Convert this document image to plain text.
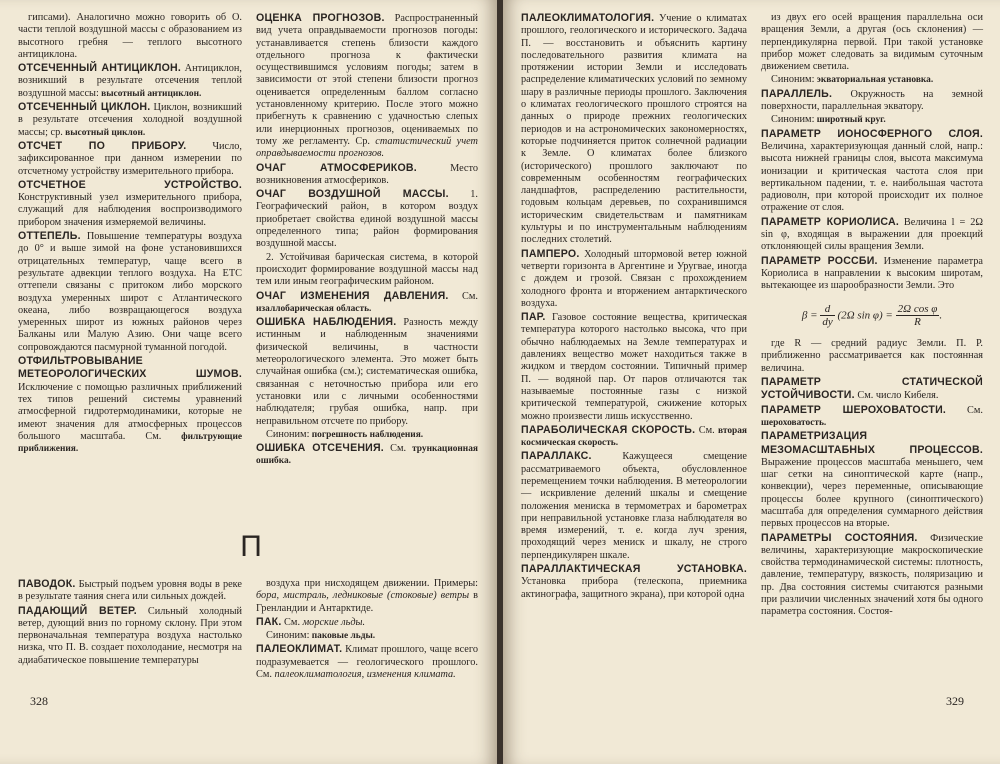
гипсами). Аналогично можно говорить об О. части теплой воздушной массы с образованием из высотного гребня — теплого высотного антициклона.

ОТСЕЧЕННЫЙ АНТИЦИКЛОН. Антициклон, возникший в результате отсечения теплой воздушной массы: высотный антициклон.

ОТСЕЧЕННЫЙ ЦИКЛОН. Циклон, возникший в результате отсечения холодной воздушной массы; ср. высотный циклон.

ОТСЧЕТ ПО ПРИБОРУ. Число, зафиксированное при данном измерении по отсчетному устройству измерительного прибора.

ОТСЧЕТНОЕ УСТРОЙСТВО. Конструктивный узел измерительного прибора, служащий для наблюдения воспроизводимого прибором значения измеряемой величины.

ОТТЕПЕЛЬ. Повышение температуры воздуха до 0° и выше зимой на фоне установившихся отрицательных температур, чаще всего в результате адвекции теплого воздуха. На ЕТС оттепели связаны с притоком либо морского воздуха умеренных широт с Атлантического океана, либо возвращающегося воздуха умеренных широт из южных районов через Балканы или Малую Азию. Они чаще всего сопровождаются пасмурной туманной погодой.

ОТФИЛЬТРОВЫВАНИЕ МЕТЕОРОЛОГИЧЕСКИХ ШУМОВ. Исключение с помощью различных приближений тех типов решений системы уравнений атмосферной гидротермодинамики, которые не имеют значения для атмосферных процессов большого масштаба. См. фильтрующие приближения.

ОЦЕНКА ПРОГНОЗОВ. Распространенный вид учета оправдываемости прогнозов погоды: устанавливается степень близости каждого отдельного прогноза к фактически осуществившимся условиям погоды; затем в зависимости от этой степени близости прогноз оценивается определенным баллом согласно установленному критерию. После этого можно прибегнуть к сравнению с удачностью слепых или инерционных прогнозов, оцениваемых по тому же регламенту. Ср. статистический учет оправдываемости прогнозов.

ОЧАГ АТМОСФЕРИКОВ. Место возникновения атмосфериков.

ОЧАГ ВОЗДУШНОЙ МАССЫ. 1. Географический район, в котором воздух приобретает свойства единой воздушной массы определенного типа; район формирования воздушной массы.

2. Устойчивая барическая система, в которой происходит формирование воздушной массы над тем или иным географическим районом.

ОЧАГ ИЗМЕНЕНИЯ ДАВЛЕНИЯ. См. изаллобарическая область.

ОШИБКА НАБЛЮДЕНИЯ. Разность между истинным и наблюденным значениями физической величины, в частности метеорологического элемента. Это может быть случайная ошибка (см.); систематическая ошибка, связанная с неточностью прибора или его установки или с личными особенностями наблюдателя; грубая ошибка, напр. при неправильном отсчете по прибору.

Синоним: погрешность наблюдения.

ОШИБКА ОТСЕЧЕНИЯ. См. трункационная ошибка.

П

ПАВОДОК. Быстрый подъем уровня воды в реке в результате таяния снега или сильных дождей.

ПАДАЮЩИЙ ВЕТЕР. Сильный холодный ветер, дующий вниз по горному склону. При этом первоначальная температура воздуха настолько низка, что П. В. создает похолодание, несмотря на адиабатическое повышение температуры

воздуха при нисходящем движении. Примеры: бора, мистраль, ледниковые (стоковые) ветры в Гренландии и Антарктиде.

ПАК. См. морские льды.

Синоним: паковые льды.

ПАЛЕОКЛИМАТ. Климат прошлого, чаще всего подразумевается — геологического прошлого. См. палеоклиматология, изменения климата.

328

ПАЛЕОКЛИМАТОЛОГИЯ. Учение о климатах прошлого, геологического и исторического. Задача П. — восстановить и объяснить картину последовательного развития климата на протяжении истории Земли и исследовать распределение климатических условий по земному шару в различные периоды прошлого. Заключения о климатах геологического прошлого строятся на данных о природе прежних геологических периодов и на астрономических закономерностях, которые подчиняется приток солнечной радиации к Земле. О климатах более близкого (исторического) прошлого заключают по современным особенностям географических ландшафтов, распределению растительности, годовым кольцам деревьев, по сохранившимся историческим свидетельствам и памятникам культуры и по инструментальным наблюдениям последних столетий.

ПАМПЕРО. Холодный штормовой ветер южной четверти горизонта в Аргентине и Уругвае, иногда с дождем и грозой. Связан с прохождением холодного фронта и вторжением антарктического воздуха.

ПАР. Газовое состояние вещества, критическая температура которого настолько высока, что при обычно наблюдаемых на Земле температурах и давлениях вещество может находиться также в жидком и твердом состоянии. Типичный пример П. — водяной пар. От паров отличаются так называемые постоянные газы с низкой критической температурой, сжижение которых можно произвести лишь искусственно.

ПАРАБОЛИЧЕСКАЯ СКОРОСТЬ. См. вторая космическая скорость.

ПАРАЛЛАКС. Кажущееся смещение рассматриваемого объекта, обусловленное перемещением точки наблюдения. В метеорологии — искривление делений шкалы и смещение положения мениска в термометрах и барометрах при неправильной установке глаза наблюдателя во время измерений, т. е. когда луч зрения, проходящий через мениск и шкалу, не строго перпендикулярен шкале.

ПАРАЛЛАКТИЧЕСКАЯ УСТАНОВКА. Установка прибора (телескопа, приемника актинографа, защитного экрана), при которой одна

из двух его осей вращения параллельна оси вращения Земли, а другая (ось склонения) — перпендикулярна первой. При такой установке прибор может следовать за видимым суточным движением светила.

Синоним: экваториальная установка.

ПАРАЛЛЕЛЬ. Окружность на земной поверхности, параллельная экватору.

Синоним: широтный круг.

ПАРАМЕТР ИОНОСФЕРНОГО СЛОЯ. Величина, характеризующая данный слой, напр.: высота нижней границы слоя, высота максимума ионизации и критическая частота слоя при вертикальном падении, т. е. наибольшая частота радиоволн, при которой происходит их полное отражение от слоя.

ПАРАМЕТР КОРИОЛИСА. Величина l = 2Ω sin φ, входящая в выражении для проекций отклоняющей силы вращения Земли.

ПАРАМЕТР РОССБИ. Изменение параметра Кориолиса в направлении к высоким широтам, вытекающее из шарообразности Земли. Это

$\beta = \frac{d}{dy} (2\Omega$ $\sin \varphi) = \frac{\text{2Ω cos φ}}{R}$ .

где R — средний радиус Земли. П. Р. приближенно рассматривается как постоянная величина.

ПАРАМЕТР СТАТИЧЕСКОЙ УСТОЙЧИВОСТИ. См. число Кибеля.

ПАРАМЕТР ШЕРОХОВАТОСТИ. См. шероховатость.

ПАРАМЕТРИЗАЦИЯ МЕЗОМАСШТАБНЫХ ПРОЦЕССОВ. Выражение процессов масштаба меньшего, чем шаг сетки на синоптической карте (напр., конвекции), через переменные, описывающие процессы более крупного (синоптического) масштаба для определения суммарного действия первых процессов на вторые.

ПАРАМЕТРЫ СОСТОЯНИЯ. Физические величины, характеризующие макроскопические свойства термодинамической системы: плотность, давление, температуру, вязкость, поляризацию и пр. Два состояния системы считаются разными при различии численных значений хотя бы одного параметра состояния. Состоя-

329
